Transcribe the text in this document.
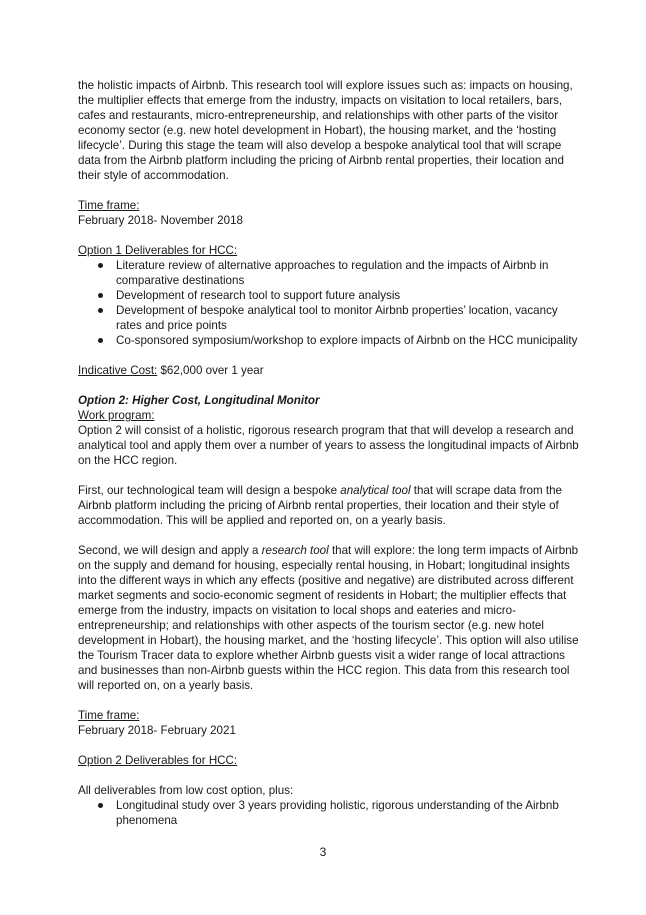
the holistic impacts of Airbnb. This research tool will explore issues such as: impacts on housing, the multiplier effects that emerge from the industry, impacts on visitation to local retailers, bars, cafes and restaurants, micro-entrepreneurship, and relationships with other parts of the visitor economy sector (e.g. new hotel development in Hobart), the housing market, and the ‘hosting lifecycle’. During this stage the team will also develop a bespoke analytical tool that will scrape data from the Airbnb platform including the pricing of Airbnb rental properties, their location and their style of accommodation.

Time frame:

February 2018- November 2018

Option 1 Deliverables for HCC:

Literature review of alternative approaches to regulation and the impacts of Airbnb in comparative destinations
Development of research tool to support future analysis
Development of bespoke analytical tool to monitor Airbnb properties’ location, vacancy rates and price points
Co-sponsored symposium/workshop to explore impacts of Airbnb on the HCC municipality

Indicative Cost: $62,000 over 1 year

Option 2: Higher Cost, Longitudinal Monitor

Work program:

Option 2 will consist of a holistic, rigorous research program that that will develop a research and analytical tool and apply them over a number of years to assess the longitudinal impacts of Airbnb on the HCC region.

First, our technological team will design a bespoke analytical tool that will scrape data from the Airbnb platform including the pricing of Airbnb rental properties, their location and their style of accommodation. This will be applied and reported on, on a yearly basis.

Second, we will design and apply a research tool that will explore: the long term impacts of Airbnb on the supply and demand for housing, especially rental housing, in Hobart; longitudinal insights into the different ways in which any effects (positive and negative) are distributed across different market segments and socio-economic segment of residents in Hobart; the multiplier effects that emerge from the industry, impacts on visitation to local shops and eateries and micro-entrepreneurship; and relationships with other aspects of the tourism sector (e.g. new hotel development in Hobart), the housing market, and the ‘hosting lifecycle’. This option will also utilise the Tourism Tracer data to explore whether Airbnb guests visit a wider range of local attractions and businesses than non-Airbnb guests within the HCC region. This data from this research tool will reported on, on a yearly basis.

Time frame:

February 2018- February 2021

Option 2 Deliverables for HCC:

All deliverables from low cost option, plus:

Longitudinal study over 3 years providing holistic, rigorous understanding of the Airbnb phenomena
3
